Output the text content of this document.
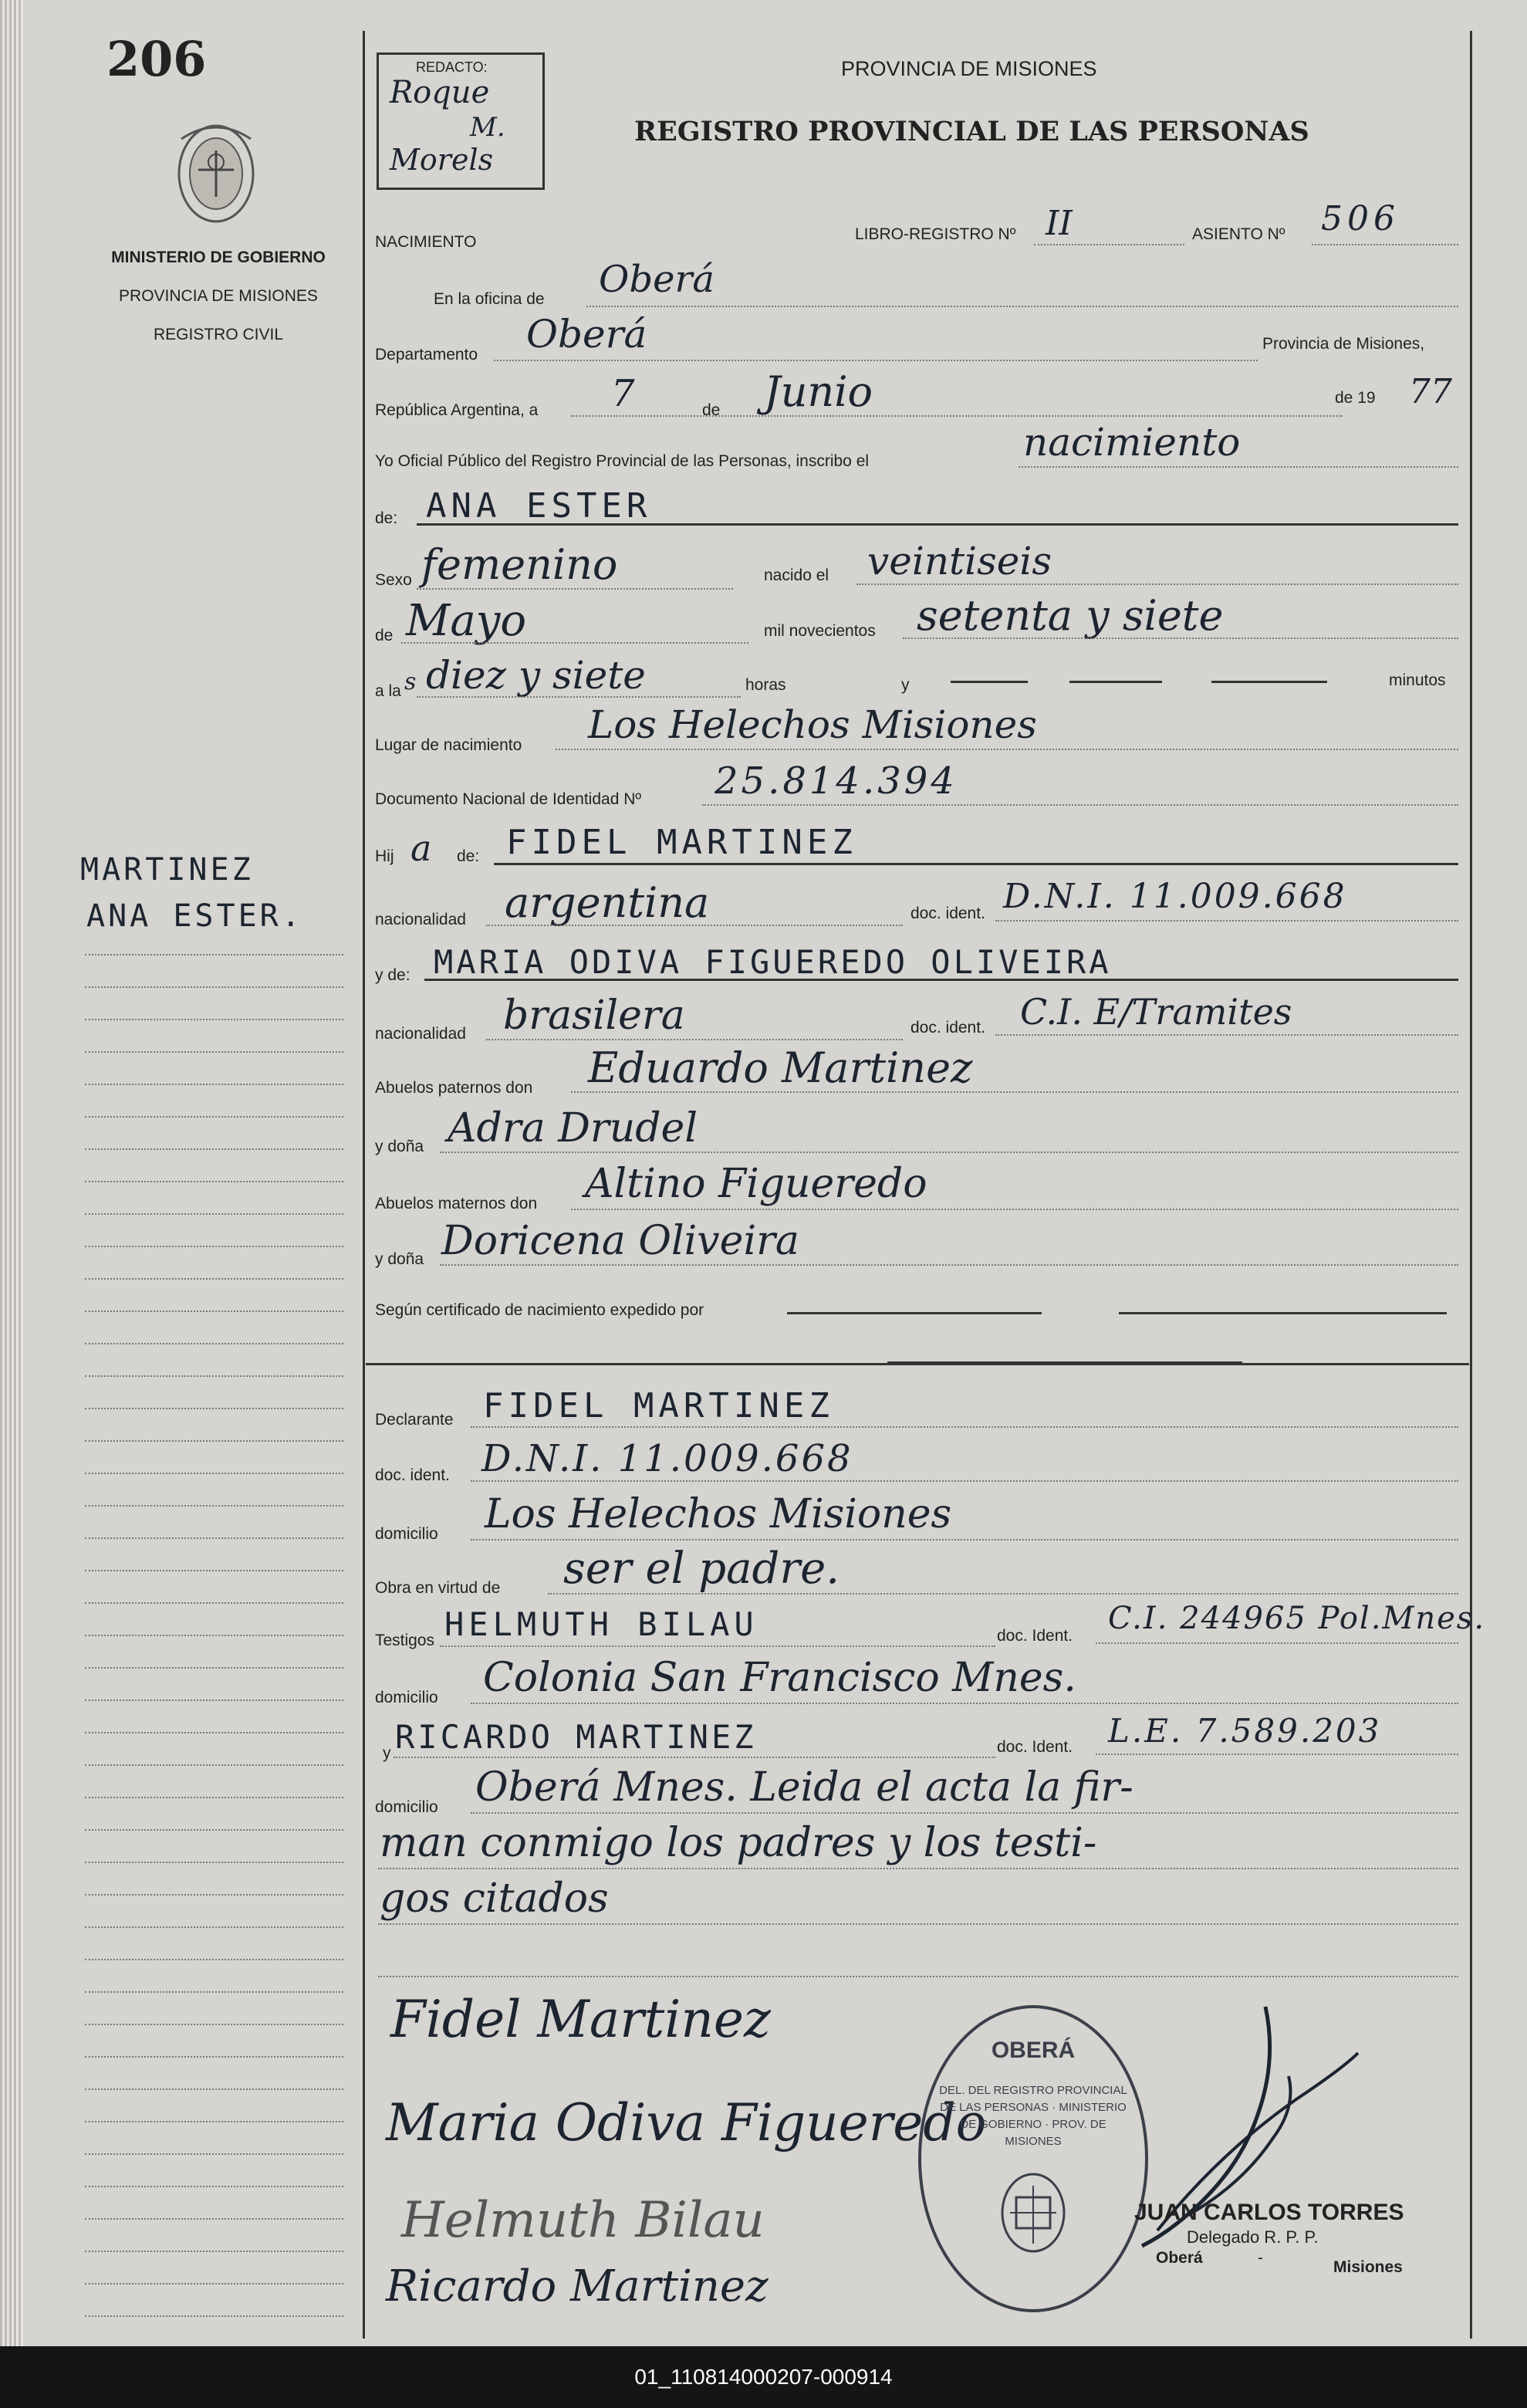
206
MINISTERIO DE GOBIERNO
PROVINCIA DE MISIONES
REGISTRO CIVIL
MARTINEZ
ANA ESTER.
REDACTO:
Roque
M.
Morels
PROVINCIA DE MISIONES
REGISTRO PROVINCIAL DE LAS PERSONAS
NACIMIENTO	LIBRO-REGISTRO Nº II	ASIENTO Nº 506
En la oficina de Oberá
Departamento Oberá	Provincia de Misiones,
República Argentina, a 7	de Junio	de 19 77
Yo Oficial Público del Registro Provincial de las Personas, inscribo el	nacimiento
de: ANA ESTER
Sexo femenino	nacido el veintiseis
de Mayo	mil novecientos setenta y siete
a la s diez y siete	horas	y	minutos
Lugar de nacimiento Los Helechos Misiones
Documento Nacional de Identidad Nº 25.814.394
Hij a de: FIDEL MARTINEZ
nacionalidad argentina	doc. ident. D.N.I. 11.009.668
y de: MARIA ODIVA FIGUEREDO OLIVEIRA
nacionalidad brasilera	doc. ident. C.I. E/Tramites
Abuelos paternos don Eduardo Martinez
y doña Adra Drudel
Abuelos maternos don Altino Figueredo
y doña Doricena Oliveira
Según certificado de nacimiento expedido por
Declarante FIDEL MARTINEZ
doc. ident. D.N.I. 11.009.668
domicilio Los Helechos Misiones
Obra en virtud de ser el padre.
Testigos HELMUTH BILAU	doc. Ident. C.I. 244965 Pol.Mnes.
domicilio Colonia San Francisco Mnes.
y RICARDO MARTINEZ	doc. Ident. L.E. 7.589.203
domicilio Oberá Mnes. Leida el acta la fir-
man conmigo los padres y los testi-
gos citados
Fidel Martinez
Maria Odiva Figueredo
Helmuth Bilau
Ricardo Martinez
OBERÁ
DEL. DEL REGISTRO PROVINCIAL DE LAS PERSONAS · MINISTERIO DE GOBIERNO · PROV. DE MISIONES
JUAN CARLOS TORRES
Delegado R. P. P.
Oberá	-
Misiones
01_110814000207-000914
